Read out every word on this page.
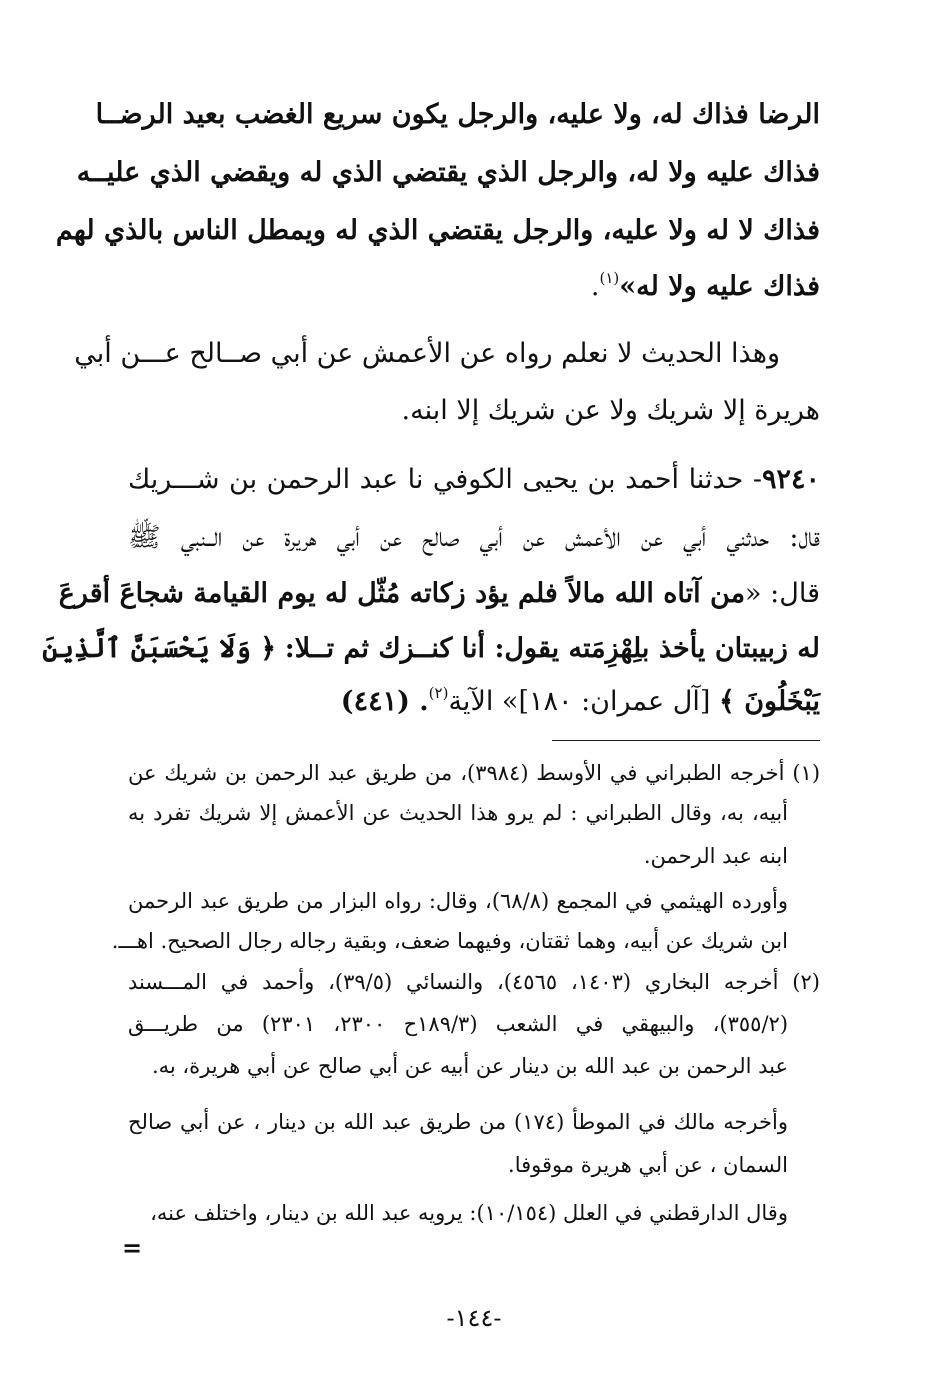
الرضا فذاك له، ولا عليه، والرجل يكون سريع الغضب بعيد الرضــا
فذاك عليه ولا له، والرجل الذي يقتضي الذي له ويقضي الذي عليــه
فذاك لا له ولا عليه، والرجل يقتضي الذي له ويمطل الناس بالذي لهم
فذاك عليه ولا له»$^{(١)}$.
وهذا الحديث لا نعلم رواه عن الأعمش عن أبي صــالح عـــن أبي
هريرة إلا شريك ولا عن شريك إلا ابنه.
٩٢٤٠- حدثنا أحمد بن يحيى الكوفي نا عبد الرحمن بن شـــريك
قال: حدثني أبي عن الأعمش عن أبي صالح عن أبي هريرة عن الــنبي ﷺ
قال: «من آتاه الله مالاً فلم يؤد زكاته مُثّل له يوم القيامة شجاعَ أقرعَ
له زبيبتان يأخذ بلِهْزِمَته يقول: أنا كنــزك ثم تــلا: ﴿ وَلَا يَحْسَبَنَّ ٱلَّذِينَ
يَبْخَلُونَ ﴾ [آل عمران: ١٨٠]» الآية$^{(٢)}$. (٤٤١)
(١) أخرجه الطبراني في الأوسط (٣٩٨٤)، من طريق عبد الرحمن بن شريك عن
أبيه، به، وقال الطبراني : لم يرو هذا الحديث عن الأعمش إلا شريك تفرد به
ابنه عبد الرحمن.
وأورده الهيثمي في المجمع (٦٨/٨)، وقال: رواه البزار من طريق عبد الرحمن
ابن شريك عن أبيه، وهما ثقتان، وفيهما ضعف، وبقية رجاله رجال الصحيح. اهـــ.
(٢) أخرجه البخاري (١٤٠٣، ٤٥٦٥)، والنسائي (٣٩/٥)، وأحمد في المـــسند
(٣٥٥/٢)، والبيهقي في الشعب (١٨٩/٣ح ٢٣٠٠، ٢٣٠١) من طريـــق
عبد الرحمن بن عبد الله بن دينار عن أبيه عن أبي صالح عن أبي هريرة، به.
وأخرجه مالك في الموطأ (١٧٤) من طريق عبد الله بن دينار ، عن أبي صالح
السمان ، عن أبي هريرة موقوفا.
وقال الدارقطني في العلل (١٠/١٥٤): يرويه عبد الله بن دينار، واختلف عنه،
=
-١٤٤-
